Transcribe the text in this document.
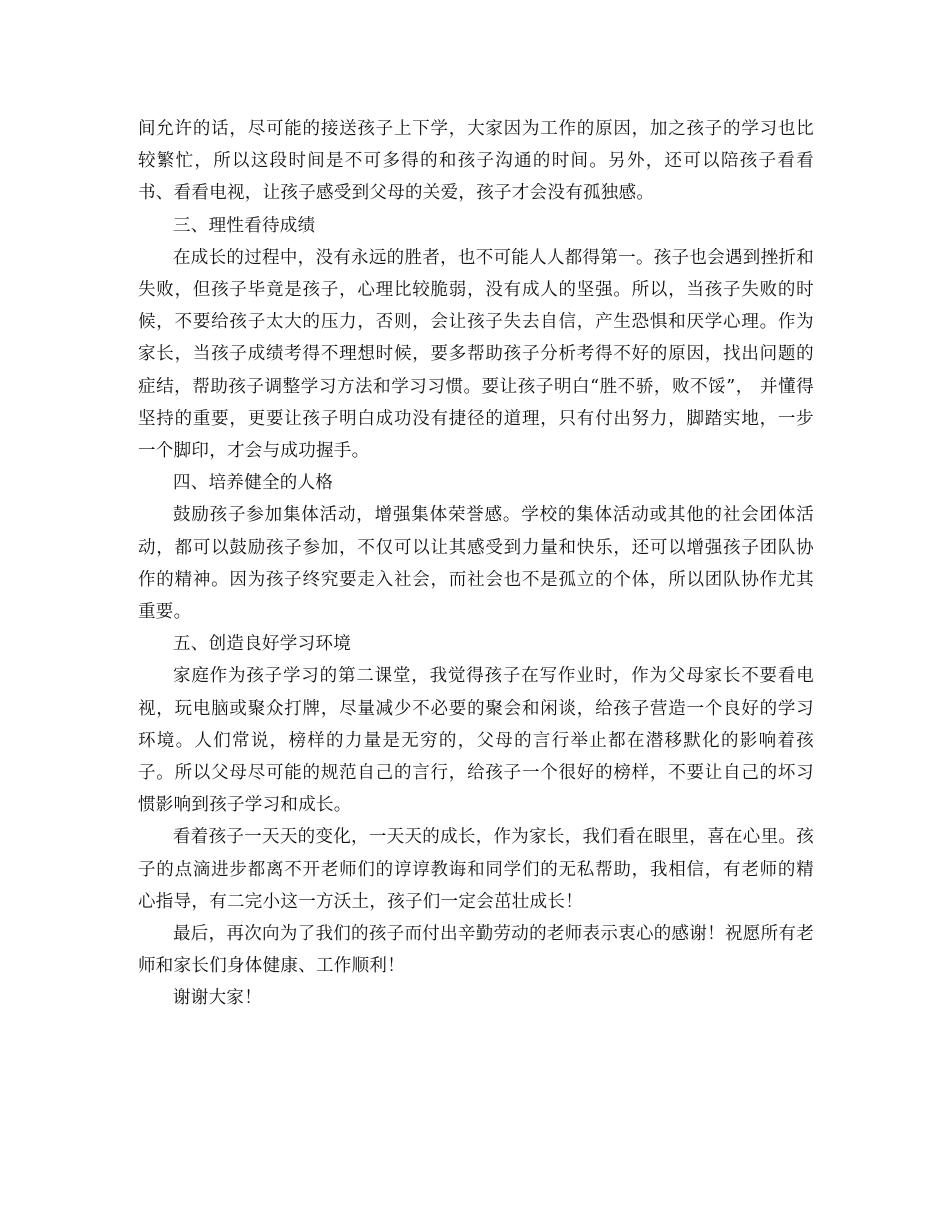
间允许的话，尽可能的接送孩子上下学，大家因为工作的原因，加之孩子的学习也比较繁忙，所以这段时间是不可多得的和孩子沟通的时间。另外，还可以陪孩子看看书、看看电视，让孩子感受到父母的关爱，孩子才会没有孤独感。

三、理性看待成绩

在成长的过程中，没有永远的胜者，也不可能人人都得第一。孩子也会遇到挫折和失败，但孩子毕竟是孩子，心理比较脆弱，没有成人的坚强。所以，当孩子失败的时候，不要给孩子太大的压力，否则，会让孩子失去自信，产生恐惧和厌学心理。作为家长，当孩子成绩考得不理想时候，要多帮助孩子分析考得不好的原因，找出问题的症结，帮助孩子调整学习方法和学习习惯。要让孩子明白“胜不骄，败不馁”， 并懂得坚持的重要，更要让孩子明白成功没有捷径的道理，只有付出努力，脚踏实地，一步一个脚印，才会与成功握手。

四、培养健全的人格

鼓励孩子参加集体活动，增强集体荣誉感。学校的集体活动或其他的社会团体活动，都可以鼓励孩子参加，不仅可以让其感受到力量和快乐，还可以增强孩子团队协作的精神。因为孩子终究要走入社会，而社会也不是孤立的个体，所以团队协作尤其重要。

五、创造良好学习环境

家庭作为孩子学习的第二课堂，我觉得孩子在写作业时，作为父母家长不要看电视，玩电脑或聚众打牌，尽量减少不必要的聚会和闲谈，给孩子营造一个良好的学习环境。人们常说，榜样的力量是无穷的，父母的言行举止都在潜移默化的影响着孩子。所以父母尽可能的规范自己的言行，给孩子一个很好的榜样，不要让自己的坏习惯影响到孩子学习和成长。

看着孩子一天天的变化，一天天的成长，作为家长，我们看在眼里，喜在心里。孩子的点滴进步都离不开老师们的谆谆教诲和同学们的无私帮助，我相信，有老师的精心指导，有二完小这一方沃土，孩子们一定会茁壮成长！

最后，再次向为了我们的孩子而付出辛勤劳动的老师表示衷心的感谢！祝愿所有老师和家长们身体健康、工作顺利！

谢谢大家！
